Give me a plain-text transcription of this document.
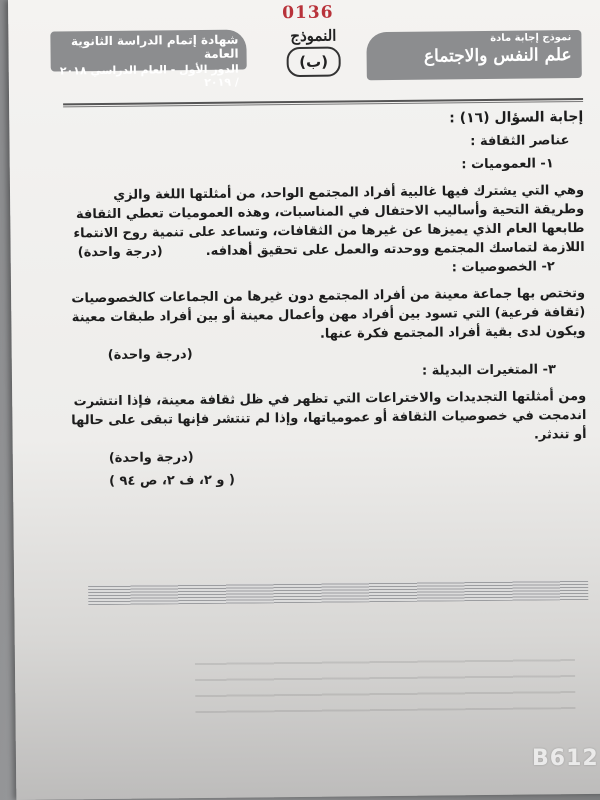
0136
شهادة إتمام الدراسة الثانوية العامة
الدور الأول - العام الدراسي ٢٠١٨ / ٢٠١٩
النموذج
(ب)
نموذج إجابة مادة
علم النفس والاجتماع
إجابة السؤال (١٦) :
عناصر الثقافة :
١- العموميات :
وهي التي يشترك فيها غالبية أفراد المجتمع الواحد، من أمثلتها اللغة والزي
وطريقة التحية وأساليب الاحتفال في المناسبات، وهذه العموميات تعطي الثقافة
طابعها العام الذي يميزها عن غيرها من الثقافات، وتساعد على تنمية روح الانتماء
اللازمة لتماسك المجتمع ووحدته والعمل على تحقيق أهدافه.  (درجة واحدة)
٢- الخصوصيات :
وتختص بها جماعة معينة من أفراد المجتمع دون غيرها من الجماعات كالخصوصيات
(ثقافة فرعية) التي تسود بين أفراد مهن وأعمال معينة أو بين أفراد طبقات معينة
ويكون لدى بقية أفراد المجتمع فكرة عنها.
(درجة واحدة)
٣- المتغيرات البديلة :
ومن أمثلتها التجديدات والاختراعات التي تظهر في ظل ثقافة معينة، فإذا انتشرت
اندمجت في خصوصيات الثقافة أو عمومياتها، وإذا لم تنتشر فإنها تبقى على حالها
أو تندثر.
(درجة واحدة)
( و ٢، ف ٢، ص ٩٤ )
B612
